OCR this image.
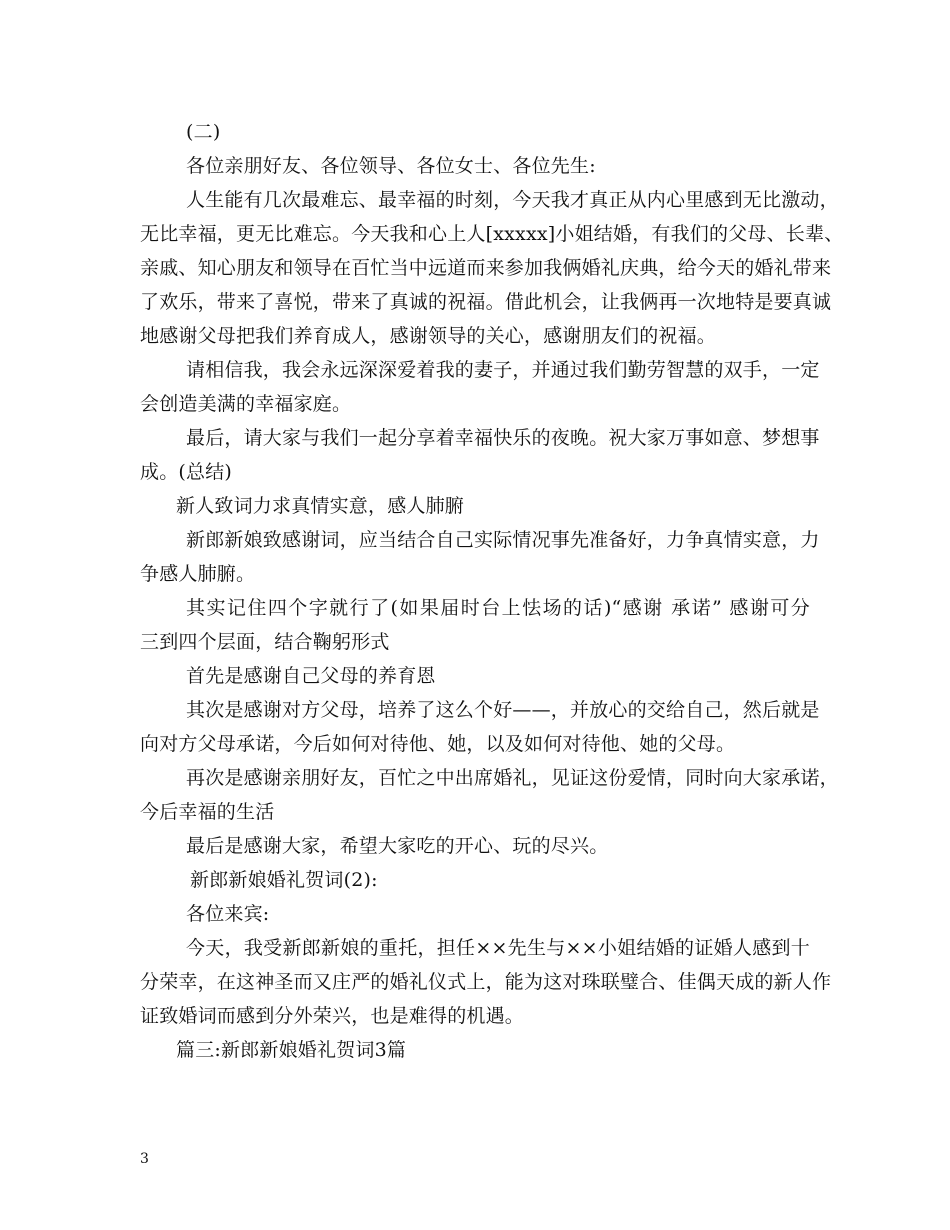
(二)
各位亲朋好友、各位领导、各位女士、各位先生:
人生能有几次最难忘、最幸福的时刻，今天我才真正从内心里感到无比激动，
无比幸福，更无比难忘。今天我和心上人[xxxxx]小姐结婚，有我们的父母、长辈、
亲戚、知心朋友和领导在百忙当中远道而来参加我俩婚礼庆典，给今天的婚礼带来
了欢乐，带来了喜悦，带来了真诚的祝福。借此机会，让我俩再一次地特是要真诚
地感谢父母把我们养育成人，感谢领导的关心，感谢朋友们的祝福。
请相信我，我会永远深深爱着我的妻子，并通过我们勤劳智慧的双手，一定
会创造美满的幸福家庭。
最后，请大家与我们一起分享着幸福快乐的夜晚。祝大家万事如意、梦想事
成。(总结)
新人致词力求真情实意，感人肺腑
新郎新娘致感谢词，应当结合自己实际情况事先准备好，力争真情实意，力
争感人肺腑。
其实记住四个字就行了(如果届时台上怯场的话)“感谢 承诺” 感谢可分
三到四个层面，结合鞠躬形式
首先是感谢自己父母的养育恩
其次是感谢对方父母，培养了这么个好——，并放心的交给自己，然后就是
向对方父母承诺，今后如何对待他、她，以及如何对待他、她的父母。
再次是感谢亲朋好友，百忙之中出席婚礼，见证这份爱情，同时向大家承诺，
今后幸福的生活
最后是感谢大家，希望大家吃的开心、玩的尽兴。
新郎新娘婚礼贺词(2):
各位来宾:
今天，我受新郎新娘的重托，担任××先生与××小姐结婚的证婚人感到十
分荣幸，在这神圣而又庄严的婚礼仪式上，能为这对珠联璧合、佳偶天成的新人作
证致婚词而感到分外荣兴，也是难得的机遇。
篇三:新郎新娘婚礼贺词3篇
3
